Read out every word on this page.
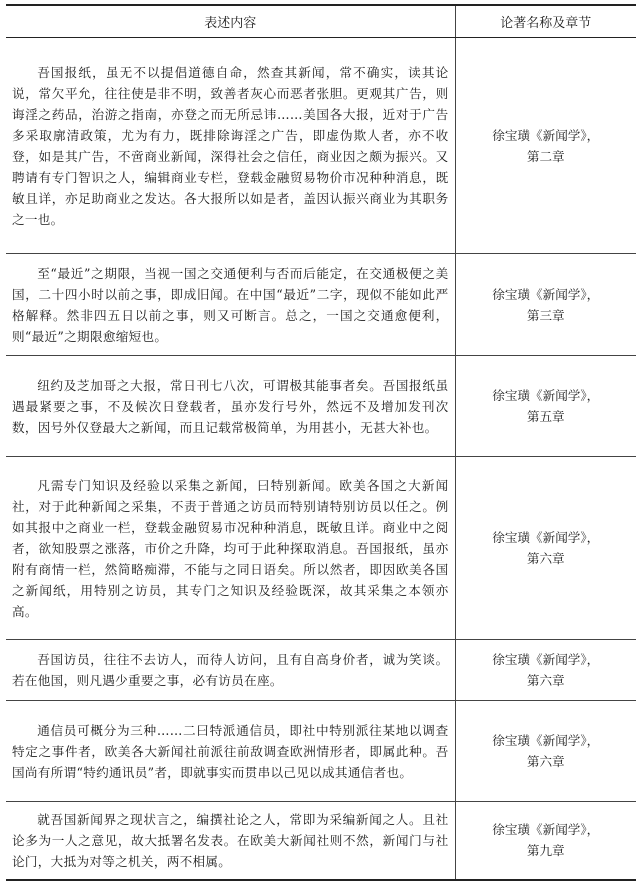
表述内容	论著名称及章节
吾国报纸，虽无不以提倡道德自命，然查其新闻，常不确实，读其论说，常欠平允，往往使是非不明，致善者灰心而恶者张胆。更观其广告，则诲淫之药品，治游之指南，亦登之而无所忌讳……美国各大报，近对于广告多采取廓清政策，尤为有力，既排除诲淫之广告，即虚伪欺人者，亦不收登，如是其广告，不啻商业新闻，深得社会之信任，商业因之颇为振兴。又聘请有专门智识之人，编辑商业专栏，登载金融贸易物价市况种种消息，既敏且详，亦足助商业之发达。各大报所以如是者，盖因认振兴商业为其职务之一也。	徐宝璜《新闻学》，
第二章

至“最近”之期限，当视一国之交通便利与否而后能定，在交通极便之美国，二十四小时以前之事，即成旧闻。在中国“最近”二字，现似不能如此严格解释。然非四五日以前之事，则又可断言。总之，一国之交通愈便利，则“最近”之期限愈缩短也。	徐宝璜《新闻学》，
第三章

纽约及芝加哥之大报，常日刊七八次，可谓极其能事者矣。吾国报纸虽遇最紧要之事，不及候次日登载者，虽亦发行号外，然远不及增加发刊次数，因号外仅登最大之新闻，而且记载常极简单，为用甚小，无甚大补也。	徐宝璜《新闻学》，
第五章

凡需专门知识及经验以采集之新闻，曰特别新闻。欧美各国之大新闻社，对于此种新闻之采集，不责于普通之访员而特别请特别访员以任之。例如其报中之商业一栏，登载金融贸易市况种种消息，既敏且详。商业中之阅者，欲知股票之涨落，市价之升降，均可于此种探取消息。吾国报纸，虽亦附有商情一栏，然简略痴滞，不能与之同日语矣。所以然者，即因欧美各国之新闻纸，用特别之访员，其专门之知识及经验既深，故其采集之本领亦高。	徐宝璜《新闻学》，
第六章

吾国访员，往往不去访人，而待人访问，且有自高身价者，诚为笑谈。若在他国，则凡遇少重要之事，必有访员在座。	徐宝璜《新闻学》，
第六章

通信员可概分为三种……二曰特派通信员，即社中特别派往某地以调查特定之事件者，欧美各大新闻社前派往前敌调查欧洲情形者，即属此种。吾国尚有所谓“特约通讯员”者，即就事实而贯串以己见以成其通信者也。	徐宝璜《新闻学》，
第六章

就吾国新闻界之现状言之，编撰社论之人，常即为采编新闻之人。且社论多为一人之意见，故大抵署名发表。在欧美大新闻社则不然，新闻门与社论门，大抵为对等之机关，两不相属。	徐宝璜《新闻学》，
第九章
